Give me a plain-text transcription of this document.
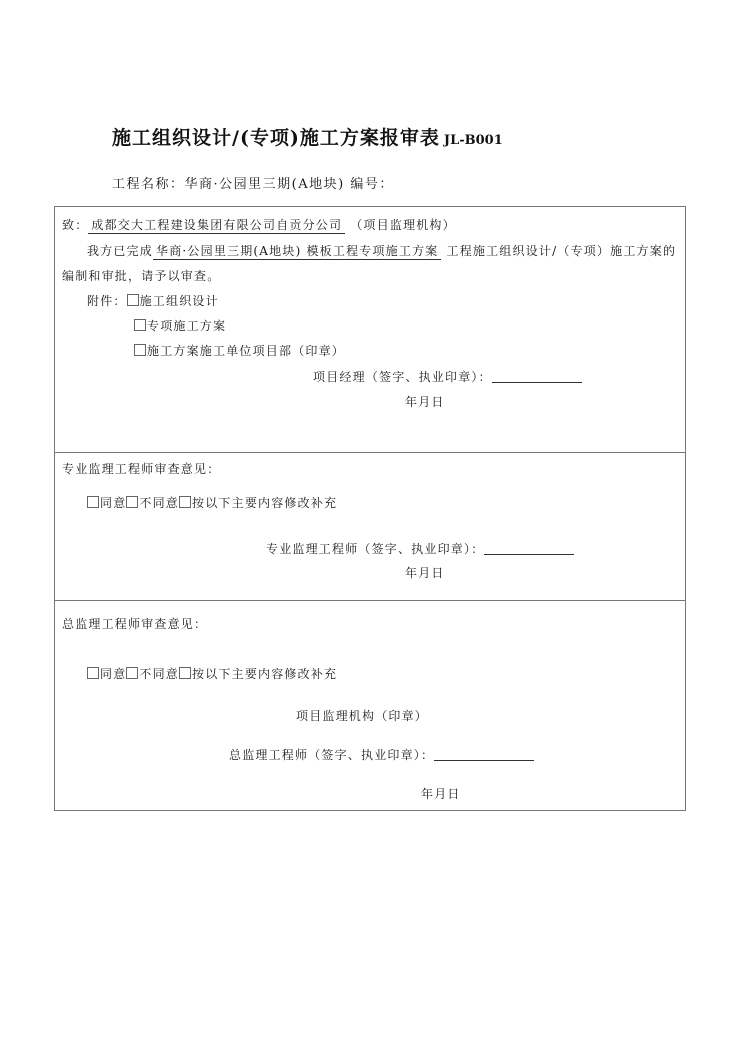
施工组织设计/(专项)施工方案报审表 JL-B001
工程名称：华商·公园里三期(A地块) 编号：
致： 成都交大工程建设集团有限公司自贡分公司 （项目监理机构）
我方已完成 华商·公园里三期(A地块) 模板工程专项施工方案 工程施工组织设计/（专项）施工方案的
编制和审批，请予以审查。
附件： 施工组织设计
专项施工方案
施工方案施工单位项目部（印章）
项目经理（签字、执业印章）：
年月日
专业监理工程师审查意见：
同意 不同意 按以下主要内容修改补充
专业监理工程师（签字、执业印章）：
年月日
总监理工程师审查意见：
同意 不同意 按以下主要内容修改补充
项目监理机构（印章）
总监理工程师（签字、执业印章）：
年月日
